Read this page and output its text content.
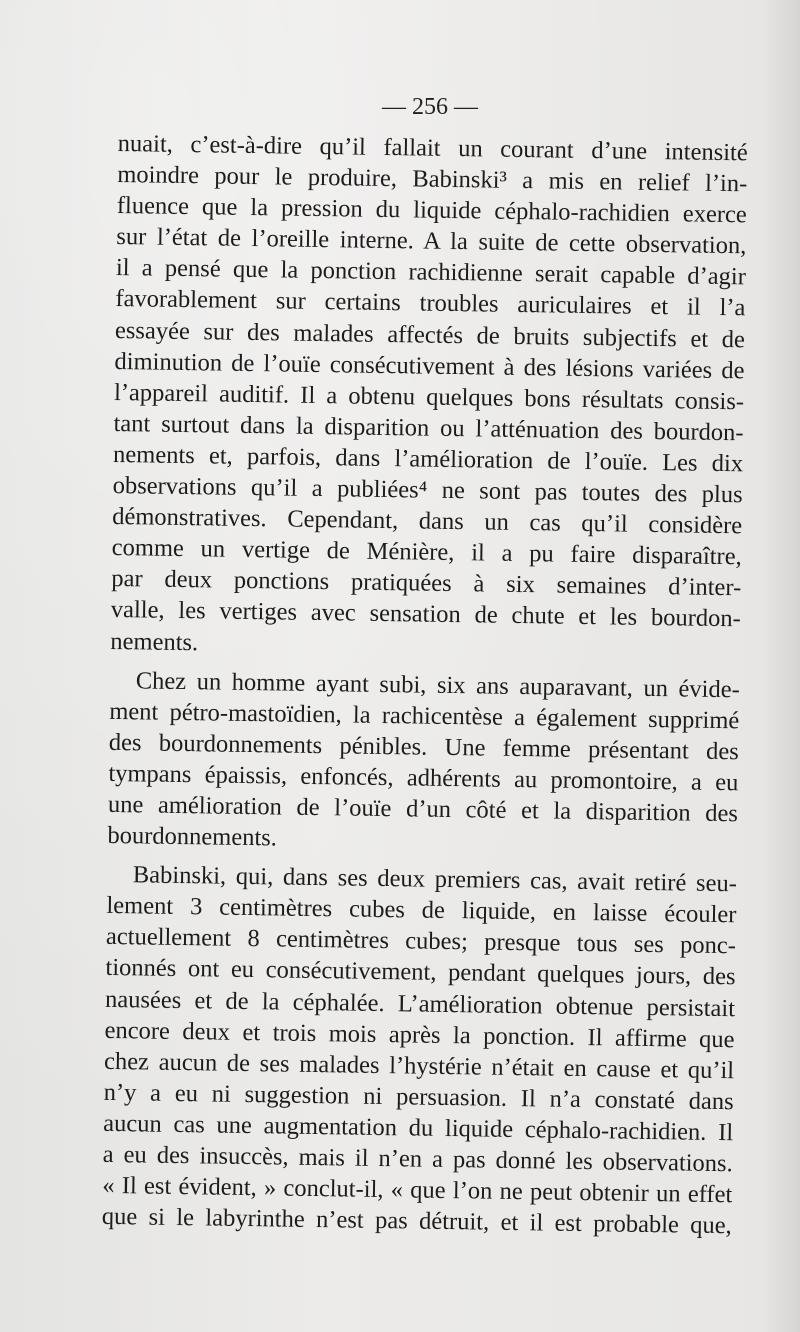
— 256 —
nuait, c’est-à-dire qu’il fallait un courant d’une intensité
moindre pour le produire, Babinski³ a mis en relief l’in-
fluence que la pression du liquide céphalo-rachidien exerce
sur l’état de l’oreille interne. A la suite de cette observation,
il a pensé que la ponction rachidienne serait capable d’agir
favorablement sur certains troubles auriculaires et il l’a
essayée sur des malades affectés de bruits subjectifs et de
diminution de l’ouïe consécutivement à des lésions variées de
l’appareil auditif. Il a obtenu quelques bons résultats consis-
tant surtout dans la disparition ou l’atténuation des bourdon-
nements et, parfois, dans l’amélioration de l’ouïe. Les dix
observations qu’il a publiées⁴ ne sont pas toutes des plus
démonstratives. Cependant, dans un cas qu’il considère
comme un vertige de Ménière, il a pu faire disparaître,
par deux ponctions pratiquées à six semaines d’inter-
valle, les vertiges avec sensation de chute et les bourdon-
nements.
Chez un homme ayant subi, six ans auparavant, un évide-
ment pétro-mastoïdien, la rachicentèse a également supprimé
des bourdonnements pénibles. Une femme présentant des
tympans épaissis, enfoncés, adhérents au promontoire, a eu
une amélioration de l’ouïe d’un côté et la disparition des
bourdonnements.
Babinski, qui, dans ses deux premiers cas, avait retiré seu-
lement 3 centimètres cubes de liquide, en laisse écouler
actuellement 8 centimètres cubes; presque tous ses ponc-
tionnés ont eu consécutivement, pendant quelques jours, des
nausées et de la céphalée. L’amélioration obtenue persistait
encore deux et trois mois après la ponction. Il affirme que
chez aucun de ses malades l’hystérie n’était en cause et qu’il
n’y a eu ni suggestion ni persuasion. Il n’a constaté dans
aucun cas une augmentation du liquide céphalo-rachidien. Il
a eu des insuccès, mais il n’en a pas donné les observations.
« Il est évident, » conclut-il, « que l’on ne peut obtenir un effet
que si le labyrinthe n’est pas détruit, et il est probable que,
